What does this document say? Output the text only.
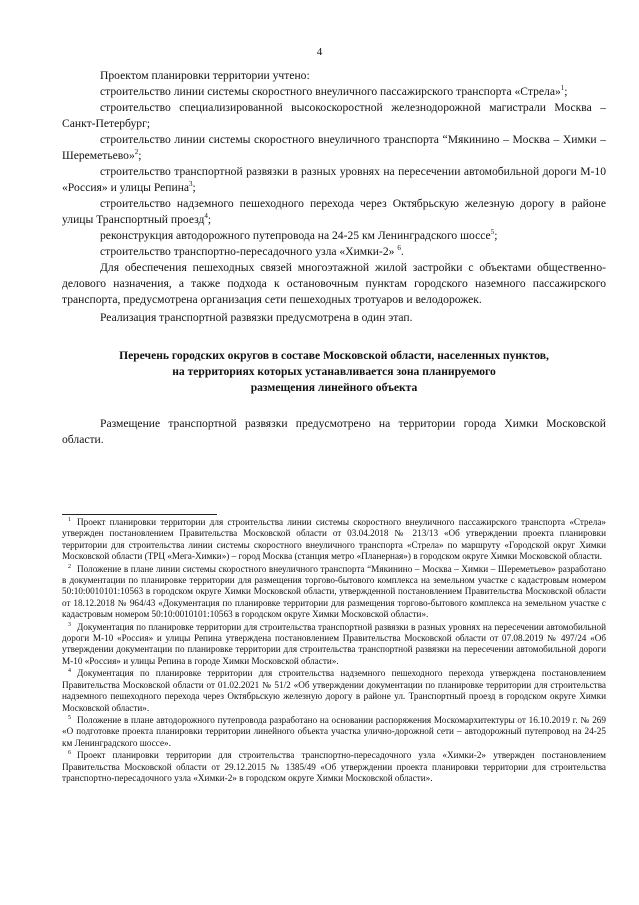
4

Проектом планировки территории учтено:

строительство линии системы скоростного внеуличного пассажирского транспорта «Стрела»$^1$;

строительство специализированной высокоскоростной железнодорожной магистрали Москва – Санкт-Петербург;

строительство линии системы скоростного внеуличного транспорта “Мякинино – Москва – Химки – Шереметьево»$^2$;

строительство транспортной развязки в разных уровнях на пересечении автомобильной дороги М-10 «Россия» и улицы Репина$^3$;

строительство надземного пешеходного перехода через Октябрьскую железную дорогу в районе улицы Транспортный проезд$^4$;

реконструкция автодорожного путепровода на 24-25 км Ленинградского шоссе$^5$;

строительство транспортно-пересадочного узла «Химки-2» $^6$.

Для обеспечения пешеходных связей многоэтажной жилой застройки с объектами общественно-делового назначения, а также подхода к остановочным пунктам городского наземного пассажирского транспорта, предусмотрена организация сети пешеходных тротуаров и велодорожек.

Реализация транспортной развязки предусмотрена в один этап.

Перечень городских округов в составе Московской области, населенных пунктов,
на территориях которых устанавливается зона планируемого
размещения линейного объекта

Размещение транспортной развязки предусмотрено на территории города Химки Московской области.

$^1$ Проект планировки территории для строительства линии системы скоростного внеуличного пассажирского транспорта «Стрела» утвержден постановлением Правительства Московской области от 03.04.2018 № 213/13 «Об утверждении проекта планировки территории для строительства линии системы скоростного внеуличного транспорта «Стрела» по маршруту «Городской округ Химки Московской области (ТРЦ «Мега-Химки») – город Москва (станция метро «Планерная») в городском округе Химки Московской области.

$^2$ Положение в плане линии системы скоростного внеуличного транспорта “Мякинино – Москва – Химки – Шереметьево» разработано в документации по планировке территории для размещения торгово-бытового комплекса на земельном участке с кадастровым номером 50:10:0010101:10563 в городском округе Химки Московской области, утвержденной постановлением Правительства Московской области от 18.12.2018 № 964/43 «Документация по планировке территории для размещения торгово-бытового комплекса на земельном участке с кадастровым номером 50:10:0010101:10563 в городском округе Химки Московской области».

$^3$ Документация по планировке территории для строительства транспортной развязки в разных уровнях на пересечении автомобильной дороги М-10 «Россия» и улицы Репина утверждена постановлением Правительства Московской области от 07.08.2019 № 497/24 «Об утверждении документации по планировке территории для строительства транспортной развязки на пересечении автомобильной дороги М-10 «Россия» и улицы Репина в городе Химки Московской области».

$^4$ Документация по планировке территории для строительства надземного пешеходного перехода утверждена постановлением Правительства Московской области от 01.02.2021 № 51/2 «Об утверждении документации по планировке территории для строительства надземного пешеходного перехода через Октябрьскую железную дорогу в районе ул. Транспортный проезд в городском округе Химки Московской области».

$^5$ Положение в плане автодорожного путепровода разработано на основании распоряжения Москомархитектуры от 16.10.2019 г. № 269 «О подготовке проекта планировки территории линейного объекта участка улично-дорожной сети – автодорожный путепровод на 24-25 км Ленинградского шоссе».

$^6$ Проект планировки территории для строительства транспортно-пересадочного узла «Химки-2» утвержден постановлением Правительства Московской области от 29.12.2015 № 1385/49 «Об утверждении проекта планировки территории для строительства транспортно-пересадочного узла «Химки-2» в городском округе Химки Московской области».
